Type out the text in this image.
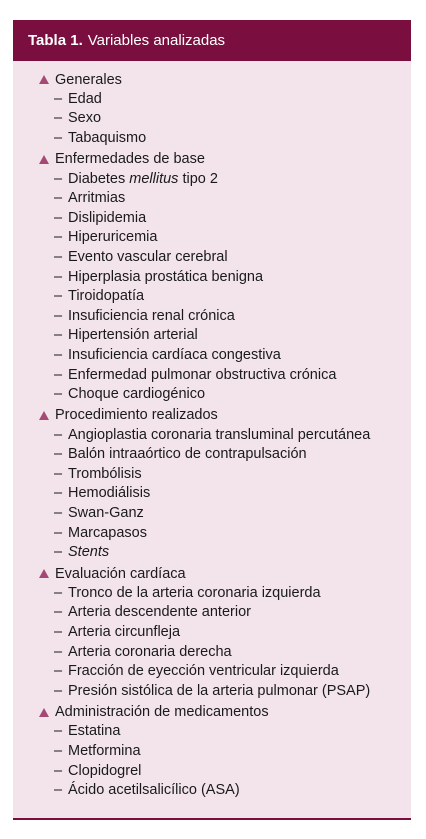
Tabla 1. Variables analizadas
Generales
– Edad
– Sexo
– Tabaquismo
Enfermedades de base
– Diabetes mellitus tipo 2
– Arritmias
– Dislipidemia
– Hiperuricemia
– Evento vascular cerebral
– Hiperplasia prostática benigna
– Tiroidopatía
– Insuficiencia renal crónica
– Hipertensión arterial
– Insuficiencia cardíaca congestiva
– Enfermedad pulmonar obstructiva crónica
– Choque cardiogénico
Procedimiento realizados
– Angioplastia coronaria transluminal percutánea
– Balón intraaórtico de contrapulsación
– Trombólisis
– Hemodiálisis
– Swan-Ganz
– Marcapasos
– Stents
Evaluación cardíaca
– Tronco de la arteria coronaria izquierda
– Arteria descendente anterior
– Arteria circunfleja
– Arteria coronaria derecha
– Fracción de eyección ventricular izquierda
– Presión sistólica de la arteria pulmonar (PSAP)
Administración de medicamentos
– Estatina
– Metformina
– Clopidogrel
– Ácido acetilsalicílico (ASA)
